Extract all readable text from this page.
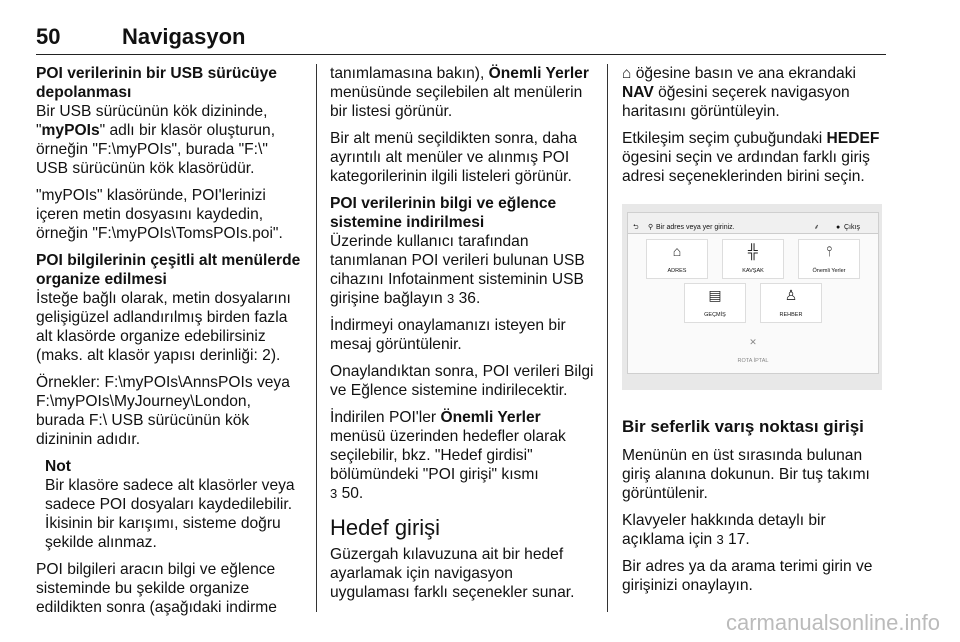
50	Navigasyon

POI verilerinin bir USB sürücüye depolanması

Bir USB sürücünün kök dizininde, "myPOIs" adlı bir klasör oluşturun, örneğin "F:\myPOIs", burada "F:\" USB sürücünün kök klasörüdür.

"myPOIs" klasöründe, POI'lerinizi içeren metin dosyasını kaydedin, örneğin "F:\myPOIs\TomsPOIs.poi".

POI bilgilerinin çeşitli alt menülerde organize edilmesi

İsteğe bağlı olarak, metin dosyalarını gelişigüzel adlandırılmış birden fazla alt klasörde organize edebilirsiniz (maks. alt klasör yapısı derinliği: 2).

Örnekler: F:\myPOIs\AnnsPOIs veya F:\myPOIs\MyJourney\London, burada F:\ USB sürücünün kök dizininin adıdır.

Not
Bir klasöre sadece alt klasörler veya sadece POI dosyaları kaydedilebilir. İkisinin bir karışımı, sisteme doğru şekilde alınmaz.

POI bilgileri aracın bilgi ve eğlence sisteminde bu şekilde organize edildikten sonra (aşağıdaki indirme

tanımlamasına bakın), Önemli Yerler menüsünde seçilebilen alt menülerin bir listesi görünür.

Bir alt menü seçildikten sonra, daha ayrıntılı alt menüler ve alınmış POI kategorilerinin ilgili listeleri görünür.

POI verilerinin bilgi ve eğlence sistemine indirilmesi

Üzerinde kullanıcı tarafından tanımlanan POI verileri bulunan USB cihazını Infotainment sisteminin USB girişine bağlayın 3 36.

İndirmeyi onaylamanızı isteyen bir mesaj görüntülenir.

Onaylandıktan sonra, POI verileri Bilgi ve Eğlence sistemine indirilecektir.

İndirilen POI'ler Önemli Yerler menüsü üzerinden hedefler olarak seçilebilir, bkz. "Hedef girdisi" bölümündeki "POI girişi" kısmı
3 50.

Hedef girişi

Güzergah kılavuzuna ait bir hedef ayarlamak için navigasyon uygulaması farklı seçenekler sunar.

⌂ öğesine basın ve ana ekrandaki NAV öğesini seçerek navigasyon haritasını görüntüleyin.

Etkileşim seçim çubuğundaki HEDEF ögesini seçin ve ardından farklı giriş adresi seçeneklerinden birini seçin.

⮌ ⚲ Bir adres veya yer giriniz.	⸙ ● Çıkış
⌂
ADRES
╬
KAVŞAK
⫯
Önemli Yerler
▤
GEÇMİŞ
♙
REHBER
✕
ROTA İPTAL
Bir seferlik varış noktası girişi

Menünün en üst sırasında bulunan giriş alanına dokunun. Bir tuş takımı görüntülenir.

Klavyeler hakkında detaylı bir açıklama için 3 17.

Bir adres ya da arama terimi girin ve girişinizi onaylayın.

carmanualsonline.info
